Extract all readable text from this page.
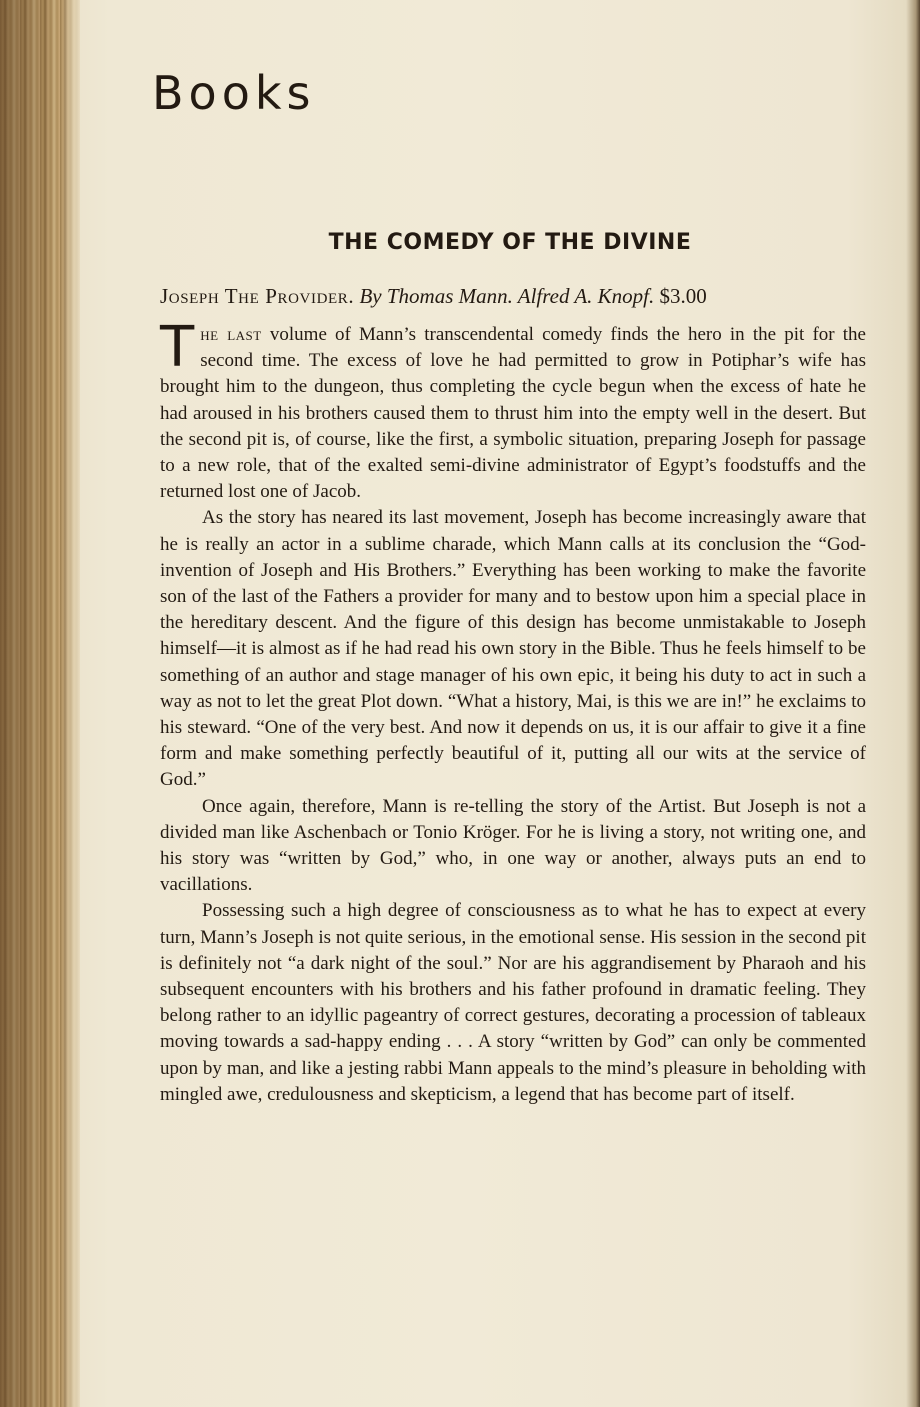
Books
THE COMEDY OF THE DIVINE
Joseph The Provider. By Thomas Mann. Alfred A. Knopf. $3.00

The last volume of Mann’s transcendental comedy finds the hero in the pit for the second time. The excess of love he had permitted to grow in Potiphar’s wife has brought him to the dungeon, thus completing the cycle begun when the excess of hate he had aroused in his brothers caused them to thrust him into the empty well in the desert. But the second pit is, of course, like the first, a symbolic situation, preparing Joseph for passage to a new role, that of the exalted semi-divine administrator of Egypt’s foodstuffs and the returned lost one of Jacob.

As the story has neared its last movement, Joseph has become increasingly aware that he is really an actor in a sublime charade, which Mann calls at its conclusion the “God-invention of Joseph and His Brothers.” Everything has been working to make the favorite son of the last of the Fathers a provider for many and to bestow upon him a special place in the hereditary descent. And the figure of this design has become unmistakable to Joseph himself—it is almost as if he had read his own story in the Bible. Thus he feels himself to be something of an author and stage manager of his own epic, it being his duty to act in such a way as not to let the great Plot down. “What a history, Mai, is this we are in!” he exclaims to his steward. “One of the very best. And now it depends on us, it is our affair to give it a fine form and make something perfectly beautiful of it, putting all our wits at the service of God.”

Once again, therefore, Mann is re-telling the story of the Artist. But Joseph is not a divided man like Aschenbach or Tonio Kröger. For he is living a story, not writing one, and his story was “written by God,” who, in one way or another, always puts an end to vacillations.

Possessing such a high degree of consciousness as to what he has to expect at every turn, Mann’s Joseph is not quite serious, in the emotional sense. His session in the second pit is definitely not “a dark night of the soul.” Nor are his aggrandisement by Pharaoh and his subsequent encounters with his brothers and his father profound in dramatic feeling. They belong rather to an idyllic pageantry of correct gestures, decorating a procession of tableaux moving towards a sad-happy ending . . . A story “written by God” can only be commented upon by man, and like a jesting rabbi Mann appeals to the mind’s pleasure in beholding with mingled awe, credulousness and skepticism, a legend that has become part of itself.
